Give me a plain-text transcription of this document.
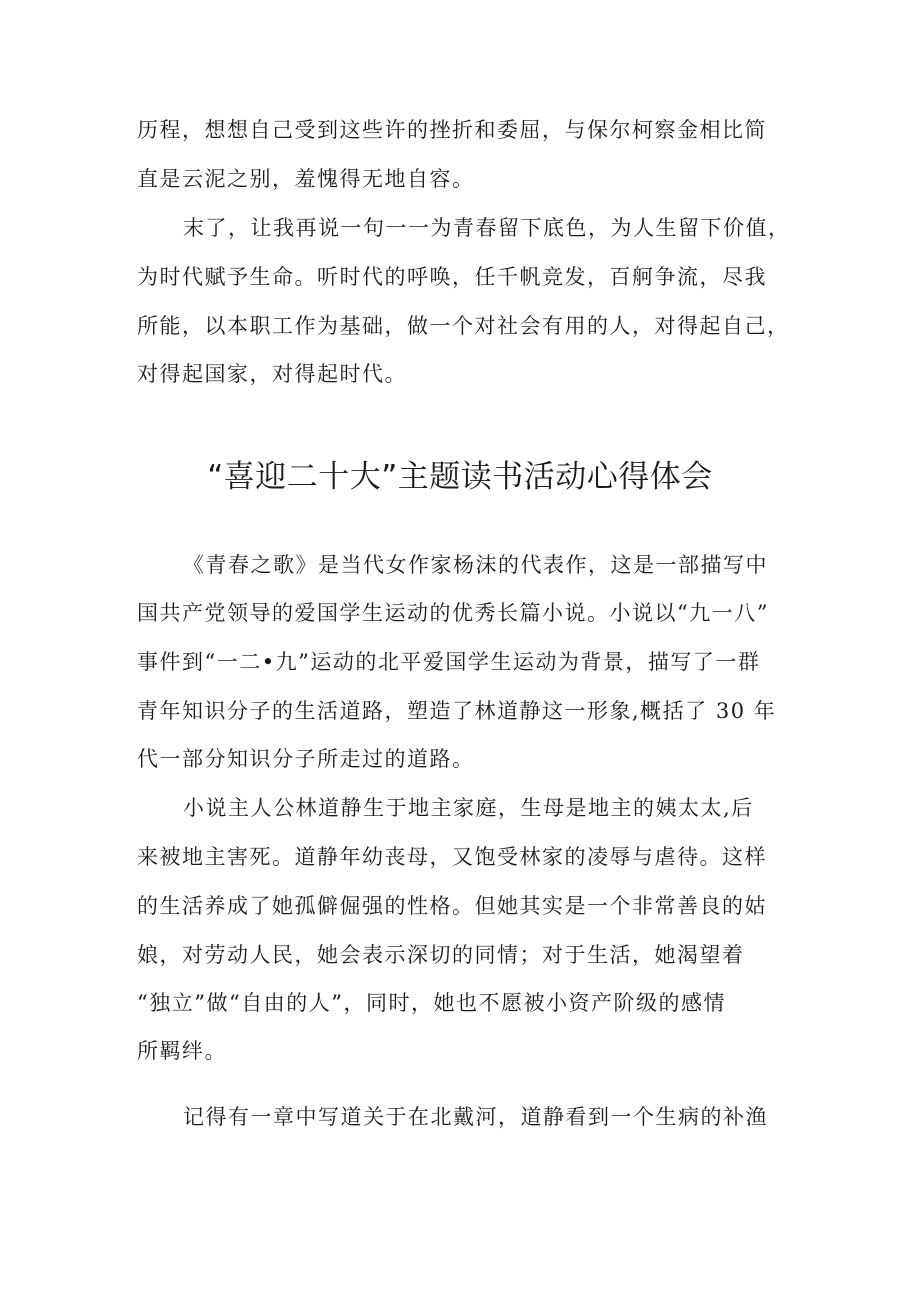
历程，想想自己受到这些许的挫折和委屈，与保尔柯察金相比简
直是云泥之别，羞愧得无地自容。
末了，让我再说一句一一为青春留下底色，为人生留下价值，
为时代赋予生命。听时代的呼唤，任千帆竞发，百舸争流，尽我
所能，以本职工作为基础，做一个对社会有用的人，对得起自己，
对得起国家，对得起时代。
“喜迎二十大”主题读书活动心得体会
《青春之歌》是当代女作家杨沫的代表作，这是一部描写中
国共产党领导的爱国学生运动的优秀长篇小说。小说以“九一八”
事件到“一二•九”运动的北平爱国学生运动为背景，描写了一群
青年知识分子的生活道路，塑造了林道静这一形象,概括了 30 年
代一部分知识分子所走过的道路。
小说主人公林道静生于地主家庭，生母是地主的姨太太,后
来被地主害死。道静年幼丧母，又饱受林家的凌辱与虐待。这样
的生活养成了她孤僻倔强的性格。但她其实是一个非常善良的姑
娘，对劳动人民，她会表示深切的同情；对于生活，她渴望着
“独立”做“自由的人”，同时，她也不愿被小资产阶级的感情
所羁绊。
记得有一章中写道关于在北戴河，道静看到一个生病的补渔
